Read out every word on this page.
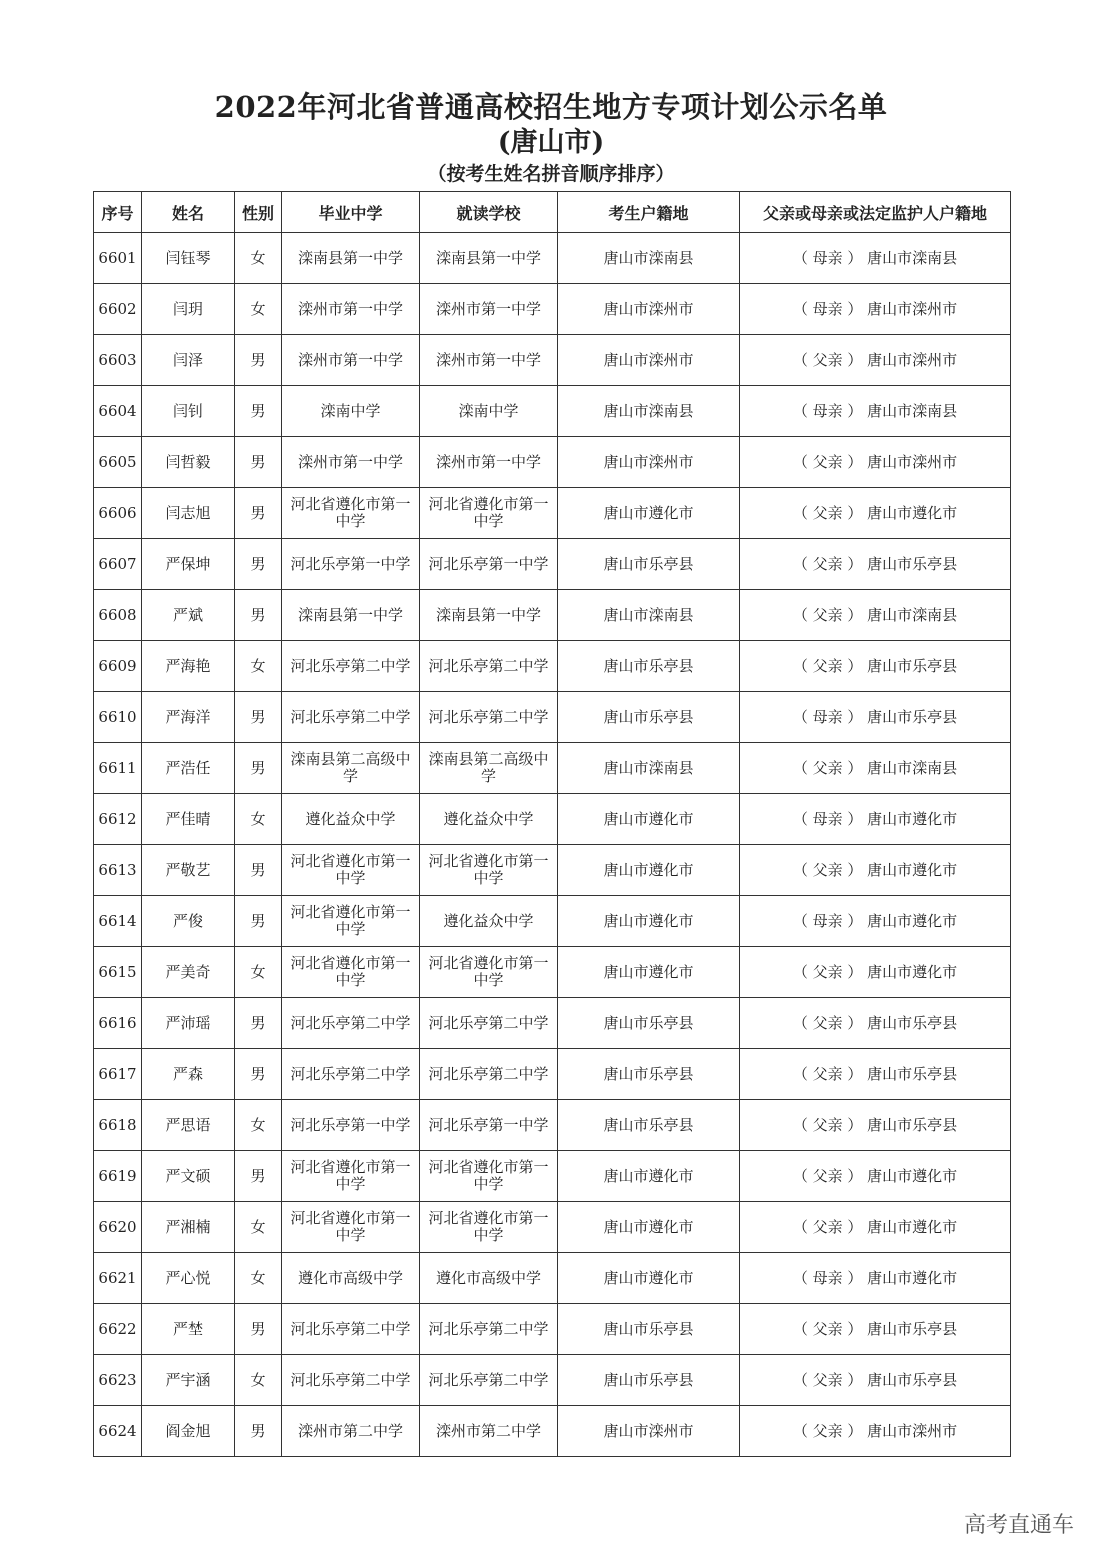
2022年河北省普通高校招生地方专项计划公示名单
(唐山市)
（按考生姓名拼音顺序排序）
序号	姓名	性别	毕业中学	就读学校	考生户籍地	父亲或母亲或法定监护人户籍地
6601	闫钰琴	女	滦南县第一中学	滦南县第一中学	唐山市滦南县	（ 母亲 ） 唐山市滦南县
6602	闫玥	女	滦州市第一中学	滦州市第一中学	唐山市滦州市	（ 母亲 ） 唐山市滦州市
6603	闫泽	男	滦州市第一中学	滦州市第一中学	唐山市滦州市	（ 父亲 ） 唐山市滦州市
6604	闫钊	男	滦南中学	滦南中学	唐山市滦南县	（ 母亲 ） 唐山市滦南县
6605	闫哲毅	男	滦州市第一中学	滦州市第一中学	唐山市滦州市	（ 父亲 ） 唐山市滦州市
6606	闫志旭	男	河北省遵化市第一中学	河北省遵化市第一中学	唐山市遵化市	（ 父亲 ） 唐山市遵化市
6607	严保坤	男	河北乐亭第一中学	河北乐亭第一中学	唐山市乐亭县	（ 父亲 ） 唐山市乐亭县
6608	严斌	男	滦南县第一中学	滦南县第一中学	唐山市滦南县	（ 父亲 ） 唐山市滦南县
6609	严海艳	女	河北乐亭第二中学	河北乐亭第二中学	唐山市乐亭县	（ 父亲 ） 唐山市乐亭县
6610	严海洋	男	河北乐亭第二中学	河北乐亭第二中学	唐山市乐亭县	（ 母亲 ） 唐山市乐亭县
6611	严浩任	男	滦南县第二高级中学	滦南县第二高级中学	唐山市滦南县	（ 父亲 ） 唐山市滦南县
6612	严佳晴	女	遵化益众中学	遵化益众中学	唐山市遵化市	（ 母亲 ） 唐山市遵化市
6613	严敬艺	男	河北省遵化市第一中学	河北省遵化市第一中学	唐山市遵化市	（ 父亲 ） 唐山市遵化市
6614	严俊	男	河北省遵化市第一中学	遵化益众中学	唐山市遵化市	（ 母亲 ） 唐山市遵化市
6615	严美奇	女	河北省遵化市第一中学	河北省遵化市第一中学	唐山市遵化市	（ 父亲 ） 唐山市遵化市
6616	严沛瑶	男	河北乐亭第二中学	河北乐亭第二中学	唐山市乐亭县	（ 父亲 ） 唐山市乐亭县
6617	严森	男	河北乐亭第二中学	河北乐亭第二中学	唐山市乐亭县	（ 父亲 ） 唐山市乐亭县
6618	严思语	女	河北乐亭第一中学	河北乐亭第一中学	唐山市乐亭县	（ 父亲 ） 唐山市乐亭县
6619	严文硕	男	河北省遵化市第一中学	河北省遵化市第一中学	唐山市遵化市	（ 父亲 ） 唐山市遵化市
6620	严湘楠	女	河北省遵化市第一中学	河北省遵化市第一中学	唐山市遵化市	（ 父亲 ） 唐山市遵化市
6621	严心悦	女	遵化市高级中学	遵化市高级中学	唐山市遵化市	（ 母亲 ） 唐山市遵化市
6622	严埜	男	河北乐亭第二中学	河北乐亭第二中学	唐山市乐亭县	（ 父亲 ） 唐山市乐亭县
6623	严宇涵	女	河北乐亭第二中学	河北乐亭第二中学	唐山市乐亭县	（ 父亲 ） 唐山市乐亭县
6624	阎金旭	男	滦州市第二中学	滦州市第二中学	唐山市滦州市	（ 父亲 ） 唐山市滦州市
高考直通车
